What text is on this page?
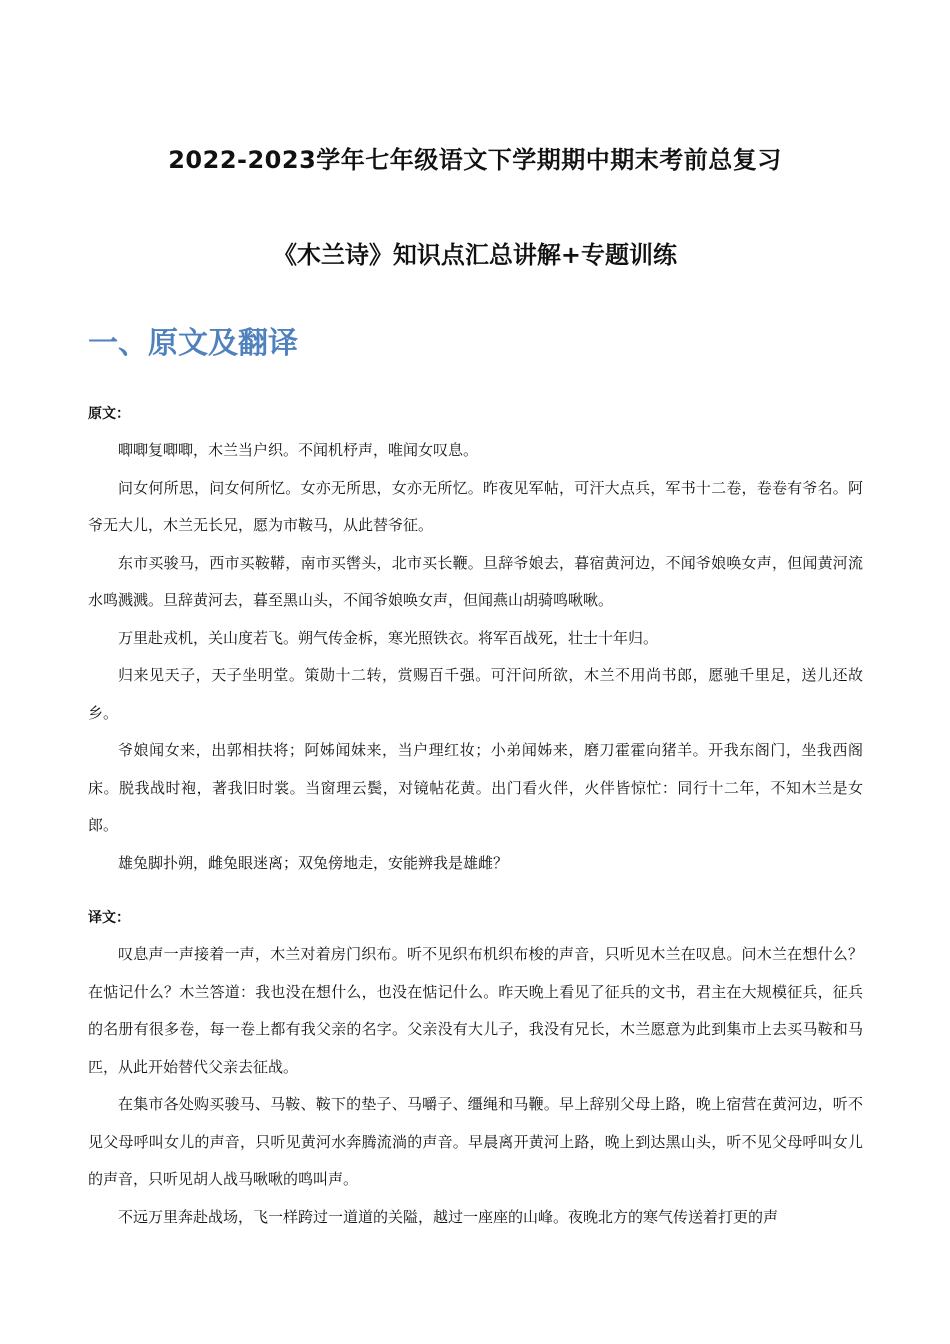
2022-2023学年七年级语文下学期期中期末考前总复习
《木兰诗》知识点汇总讲解+专题训练
一、原文及翻译
原文：

唧唧复唧唧，木兰当户织。不闻机杼声，唯闻女叹息。

问女何所思，问女何所忆。女亦无所思，女亦无所忆。昨夜见军帖，可汗大点兵，军书十二卷，卷卷有爷名。阿爷无大儿，木兰无长兄，愿为市鞍马，从此替爷征。

东市买骏马，西市买鞍鞯，南市买辔头，北市买长鞭。旦辞爷娘去，暮宿黄河边，不闻爷娘唤女声，但闻黄河流水鸣溅溅。旦辞黄河去，暮至黑山头，不闻爷娘唤女声，但闻燕山胡骑鸣啾啾。

万里赴戎机，关山度若飞。朔气传金柝，寒光照铁衣。将军百战死，壮士十年归。

归来见天子，天子坐明堂。策勋十二转，赏赐百千强。可汗问所欲，木兰不用尚书郎，愿驰千里足，送儿还故乡。

爷娘闻女来，出郭相扶将；阿姊闻妹来，当户理红妆；小弟闻姊来，磨刀霍霍向猪羊。开我东阁门，坐我西阁床。脱我战时袍，著我旧时裳。当窗理云鬓，对镜帖花黄。出门看火伴，火伴皆惊忙：同行十二年，不知木兰是女郎。

雄兔脚扑朔，雌兔眼迷离；双兔傍地走，安能辨我是雄雌？

译文：

叹息声一声接着一声，木兰对着房门织布。听不见织布机织布梭的声音，只听见木兰在叹息。问木兰在想什么？在惦记什么？木兰答道：我也没在想什么，也没在惦记什么。昨天晚上看见了征兵的文书，君主在大规模征兵，征兵的名册有很多卷，每一卷上都有我父亲的名字。父亲没有大儿子，我没有兄长，木兰愿意为此到集市上去买马鞍和马匹，从此开始替代父亲去征战。

在集市各处购买骏马、马鞍、鞍下的垫子、马嚼子、缰绳和马鞭。早上辞别父母上路，晚上宿营在黄河边，听不见父母呼叫女儿的声音，只听见黄河水奔腾流淌的声音。早晨离开黄河上路，晚上到达黑山头，听不见父母呼叫女儿的声音，只听见胡人战马啾啾的鸣叫声。

不远万里奔赴战场，飞一样跨过一道道的关隘，越过一座座的山峰。夜晚北方的寒气传送着打更的声
